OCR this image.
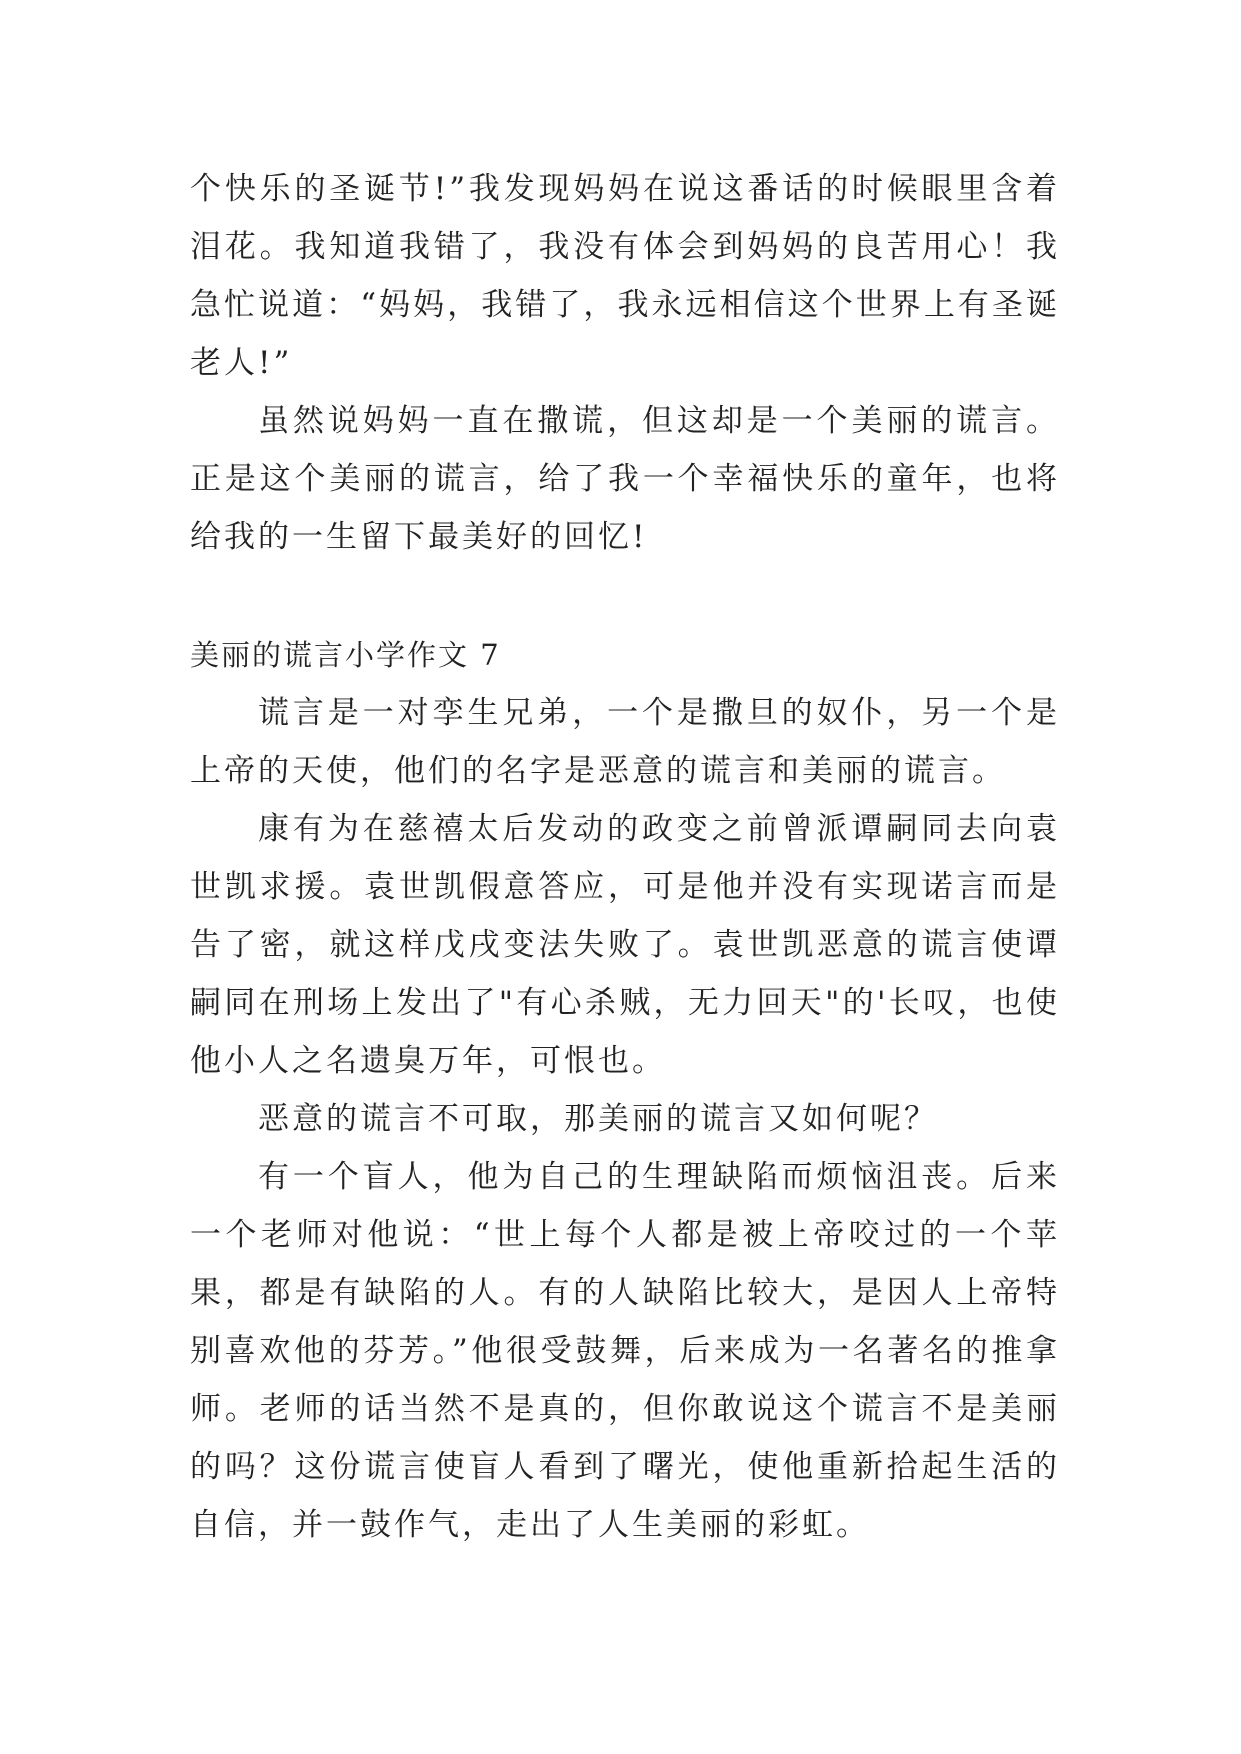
个快乐的圣诞节!”我发现妈妈在说这番话的时候眼里含着泪花。我知道我错了，我没有体会到妈妈的良苦用心！我急忙说道：“妈妈，我错了，我永远相信这个世界上有圣诞老人!”

虽然说妈妈一直在撒谎，但这却是一个美丽的谎言。正是这个美丽的谎言，给了我一个幸福快乐的童年，也将给我的一生留下最美好的回忆!

美丽的谎言小学作文 7

谎言是一对孪生兄弟，一个是撒旦的奴仆，另一个是上帝的天使，他们的名字是恶意的谎言和美丽的谎言。

康有为在慈禧太后发动的政变之前曾派谭嗣同去向袁世凯求援。袁世凯假意答应，可是他并没有实现诺言而是告了密，就这样戊戌变法失败了。袁世凯恶意的谎言使谭嗣同在刑场上发出了"有心杀贼，无力回天"的'长叹，也使他小人之名遗臭万年，可恨也。

恶意的谎言不可取，那美丽的谎言又如何呢？

有一个盲人，他为自己的生理缺陷而烦恼沮丧。后来一个老师对他说：“世上每个人都是被上帝咬过的一个苹果，都是有缺陷的人。有的人缺陷比较大，是因人上帝特别喜欢他的芬芳。”他很受鼓舞，后来成为一名著名的推拿师。老师的话当然不是真的，但你敢说这个谎言不是美丽的吗？这份谎言使盲人看到了曙光，使他重新拾起生活的自信，并一鼓作气，走出了人生美丽的彩虹。
